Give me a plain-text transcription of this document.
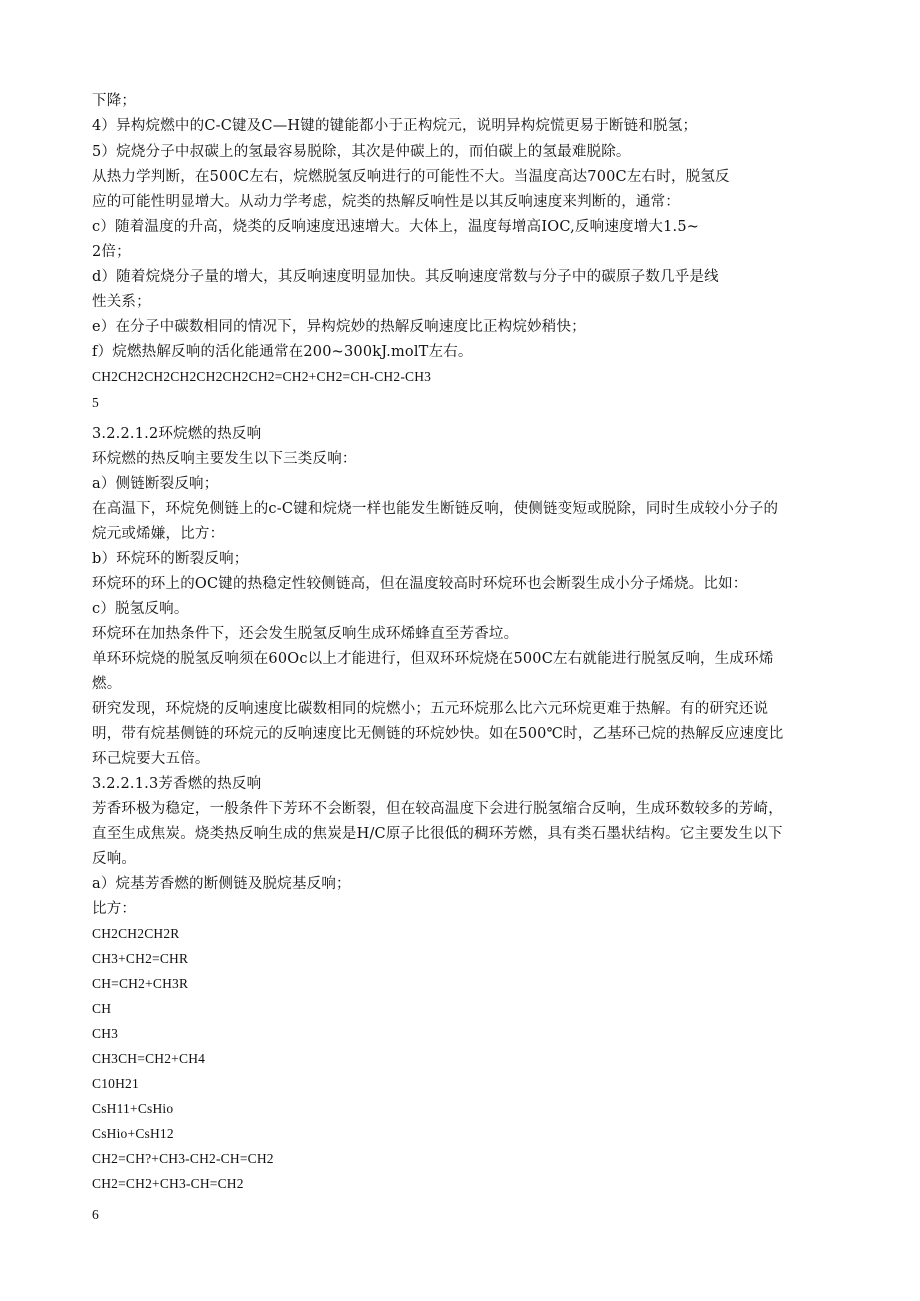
下降；
4）异构烷燃中的C-C键及C—H键的键能都小于正构烷元，说明异构烷慌更易于断链和脱氢；
5）烷烧分子中叔碳上的氢最容易脱除，其次是仲碳上的，而伯碳上的氢最难脱除。
从热力学判断，在500C左右，烷燃脱氢反响进行的可能性不大。当温度高达700C左右时，脱氢反
应的可能性明显增大。从动力学考虑，烷类的热解反响性是以其反响速度来判断的，通常：
c）随着温度的升高，烧类的反响速度迅速增大。大体上，温度每增高IOC,反响速度增大1.5~
2倍；
d）随着烷烧分子量的增大，其反响速度明显加快。其反响速度常数与分子中的碳原子数几乎是线
性关系；
e）在分子中碳数相同的情况下，异构烷妙的热解反响速度比正构烷妙稍快；
f）烷燃热解反响的活化能通常在200~300kJ.molT左右。
CH2CH2CH2CH2CH2CH2CH2=CH2+CH2=CH-CH2-CH3
5
3.2.2.1.2环烷燃的热反响
环烷燃的热反响主要发生以下三类反响：
a）侧链断裂反响；
在高温下，环烷免侧链上的c-C键和烷烧一样也能发生断链反响，使侧链变短或脱除，同时生成较小分子的
烷元或烯嫌，比方：
b）环烷环的断裂反响；
环烷环的环上的OC键的热稳定性较侧链高，但在温度较高时环烷环也会断裂生成小分子烯烧。比如：
c）脱氢反响。
环烷环在加热条件下，还会发生脱氢反响生成环烯蜂直至芳香垃。
单环环烷烧的脱氢反响须在60Oc以上才能进行，但双环环烷烧在500C左右就能进行脱氢反响，生成环烯
燃。
研究发现，环烷烧的反响速度比碳数相同的烷燃小；五元环烷那么比六元环烷更难于热解。有的研究还说
明，带有烷基侧链的环烷元的反响速度比无侧链的环烷妙快。如在500℃时，乙基环己烷的热解反应速度比
环己烷要大五倍。
3.2.2.1.3芳香燃的热反响
芳香环极为稳定，一般条件下芳环不会断裂，但在较高温度下会进行脱氢缩合反响，生成环数较多的芳崎，
直至生成焦炭。烧类热反响生成的焦炭是H/C原子比很低的稠环芳燃，具有类石墨状结构。它主要发生以下
反响。
a）烷基芳香燃的断侧链及脱烷基反响；
比方：
CH2CH2CH2R
CH3+CH2=CHR
CH=CH2+CH3R
CH
CH3
CH3CH=CH2+CH4
C10H21
CsH11+CsHio
CsHio+CsH12
CH2=CH?+CH3-CH2-CH=CH2
CH2=CH2+CH3-CH=CH2
6
